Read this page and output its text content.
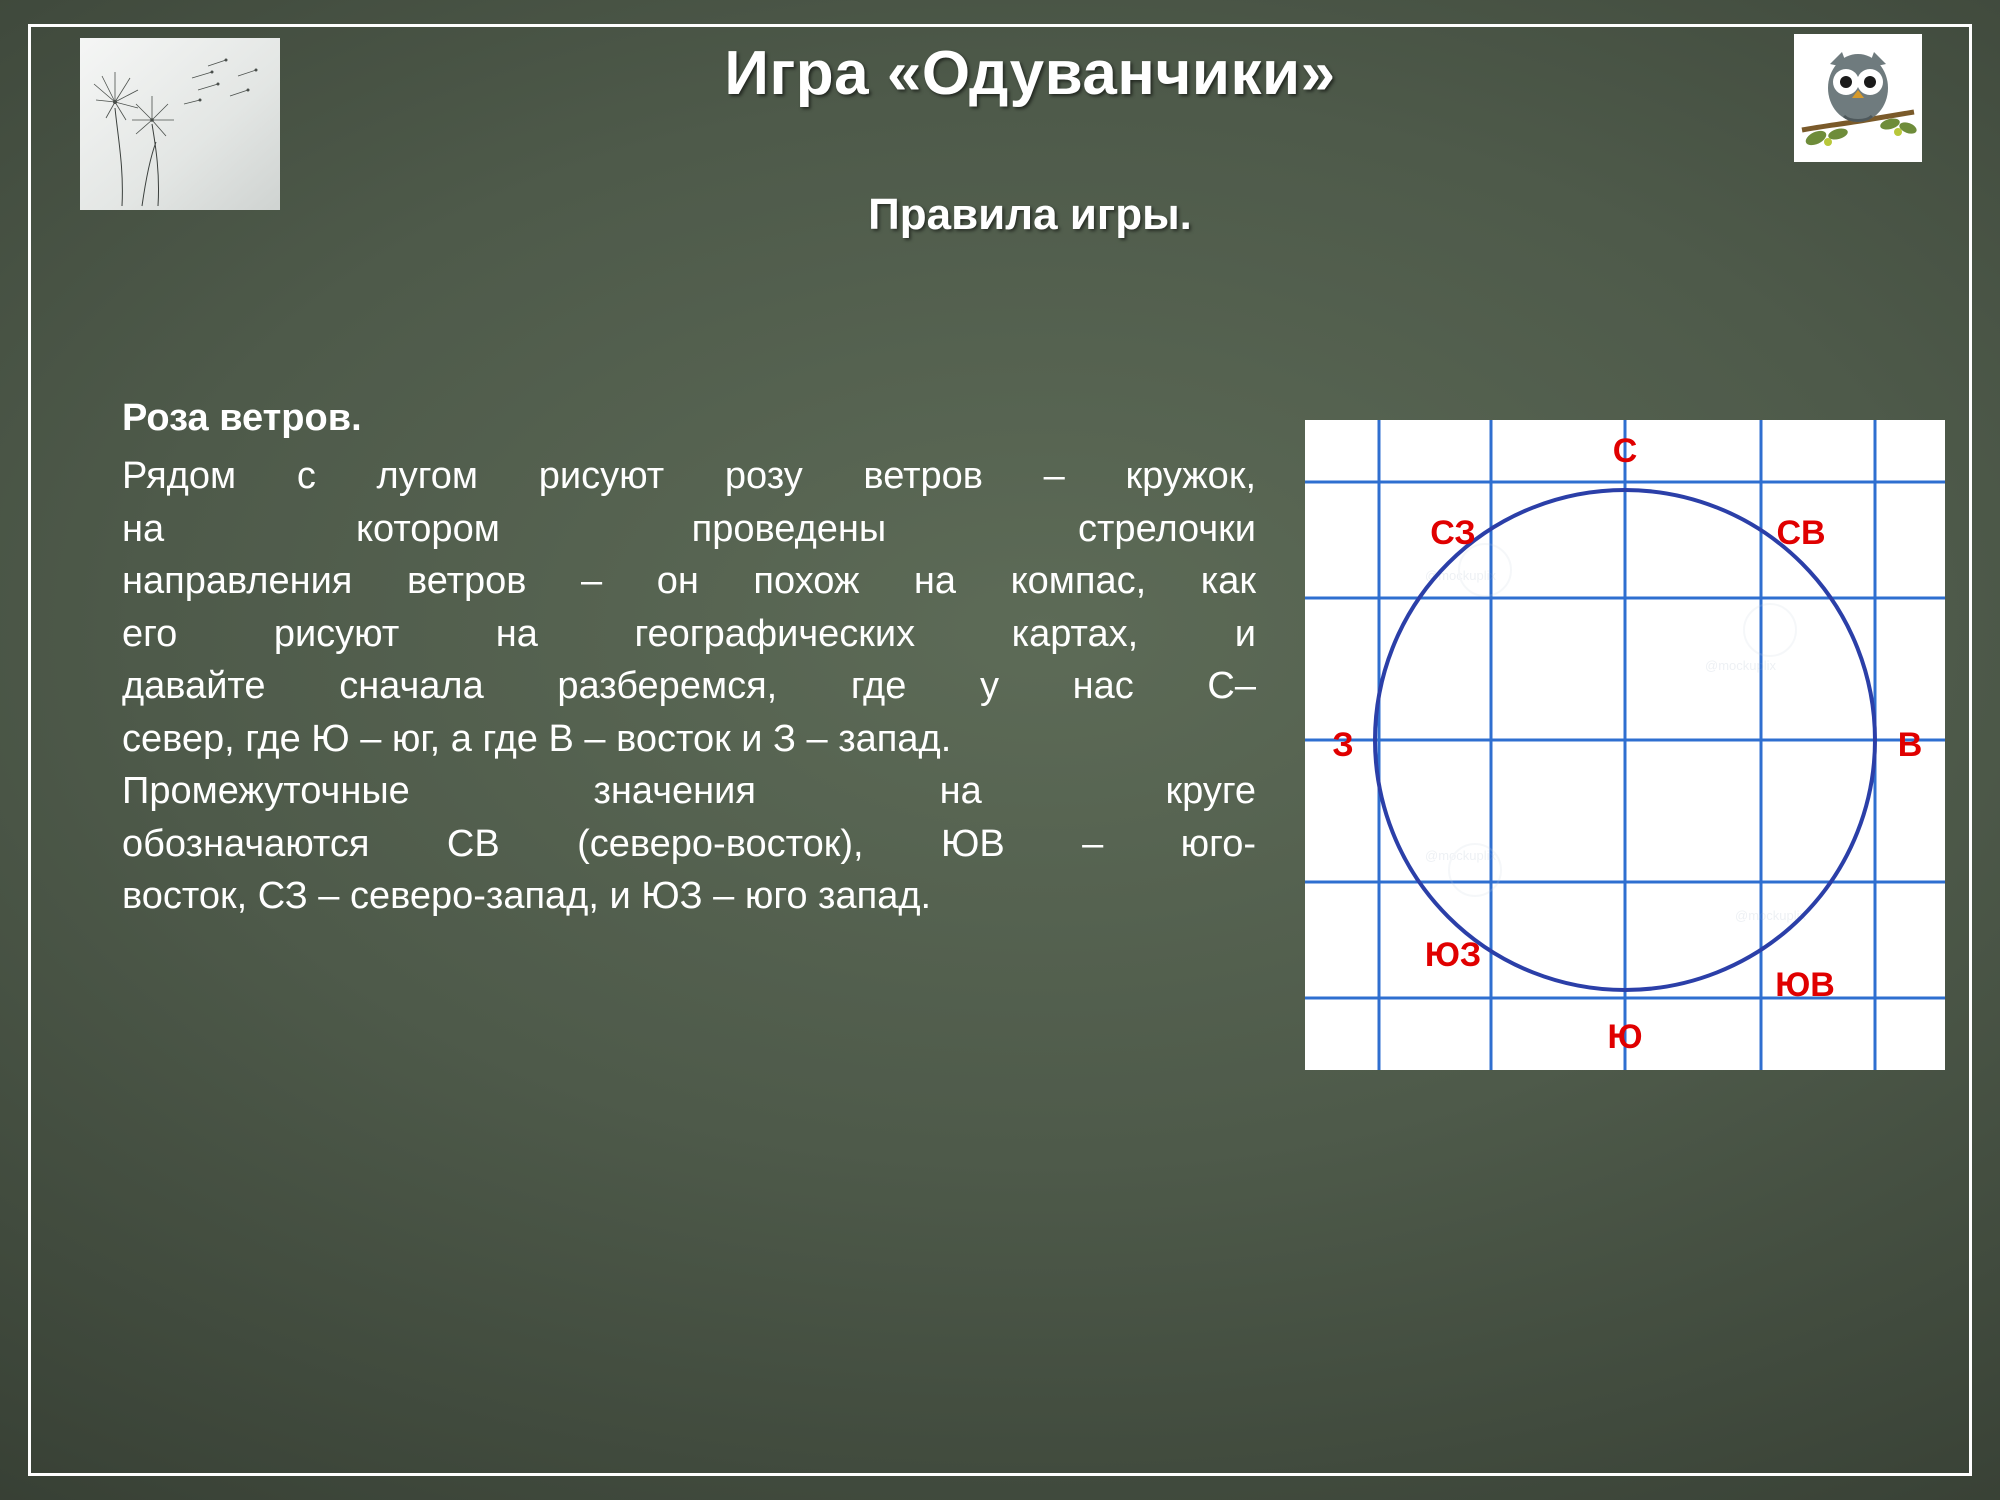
Игра «Одуванчики»
Правила игры.

Роза ветров.

Рядом с лугом рисуют розу ветров – кружок,

на котором проведены стрелочки

направления ветров – он похож на компас, как

его рисуют на географических картах, и

давайте сначала разберемся, где у нас С–

север, где Ю – юг, а где В – восток и З – запад.

Промежуточные значения на круге

обозначаются СВ (северо-восток), ЮВ – юго-

восток, СЗ – северо-запад, и ЮЗ – юго запад.

@mockuplix
@mockuplix
@mockuplix
@mockuplix
С
СЗ	СВ
З	В
ЮЗ
ЮВ
Ю
